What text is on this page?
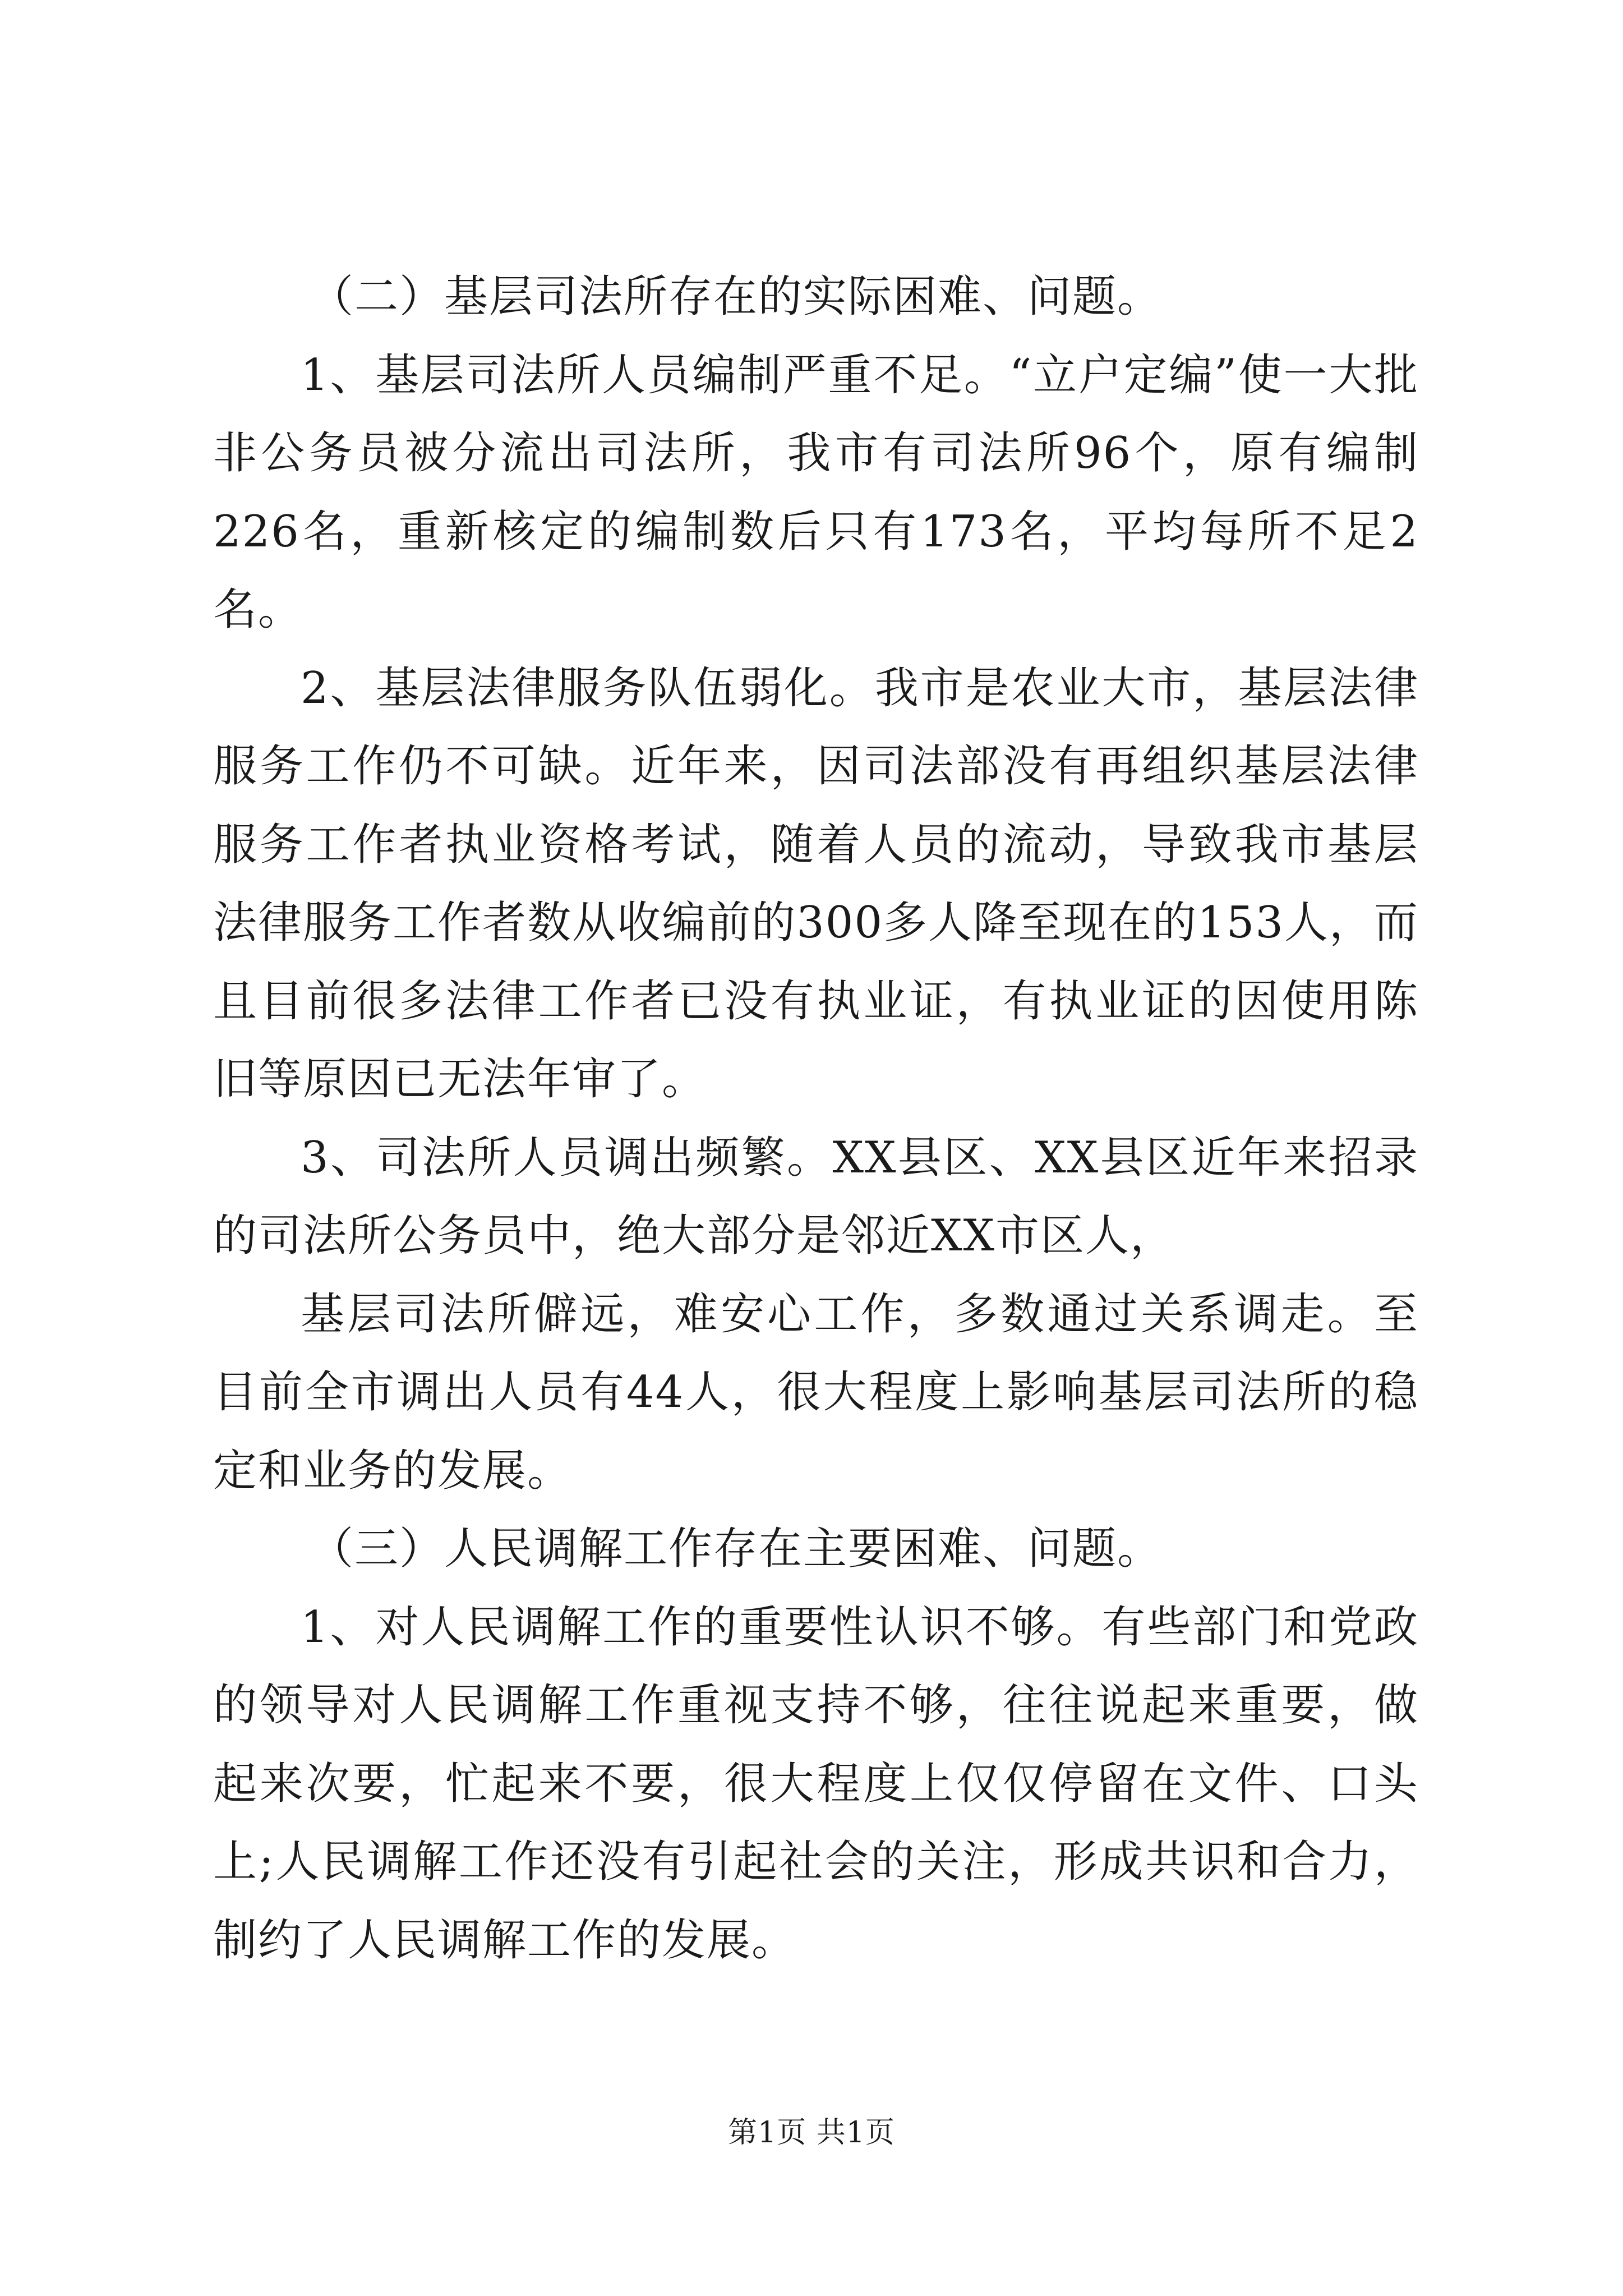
（二）基层司法所存在的实际困难、问题。

1、基层司法所人员编制严重不足。“立户定编”使一大批非公务员被分流出司法所，我市有司法所96个，原有编制226名，重新核定的编制数后只有173名，平均每所不足2名。

2、基层法律服务队伍弱化。我市是农业大市，基层法律服务工作仍不可缺。近年来，因司法部没有再组织基层法律服务工作者执业资格考试，随着人员的流动，导致我市基层法律服务工作者数从收编前的300多人降至现在的153人，而且目前很多法律工作者已没有执业证，有执业证的因使用陈旧等原因已无法年审了。

3、司法所人员调出频繁。XX县区、XX县区近年来招录的司法所公务员中，绝大部分是邻近XX市区人，

基层司法所僻远，难安心工作，多数通过关系调走。至目前全市调出人员有44人，很大程度上影响基层司法所的稳定和业务的发展。

（三）人民调解工作存在主要困难、问题。

1、对人民调解工作的重要性认识不够。有些部门和党政的领导对人民调解工作重视支持不够，往往说起来重要，做起来次要，忙起来不要，很大程度上仅仅停留在文件、口头上;人民调解工作还没有引起社会的关注，形成共识和合力，制约了人民调解工作的发展。

第1页 共1页
